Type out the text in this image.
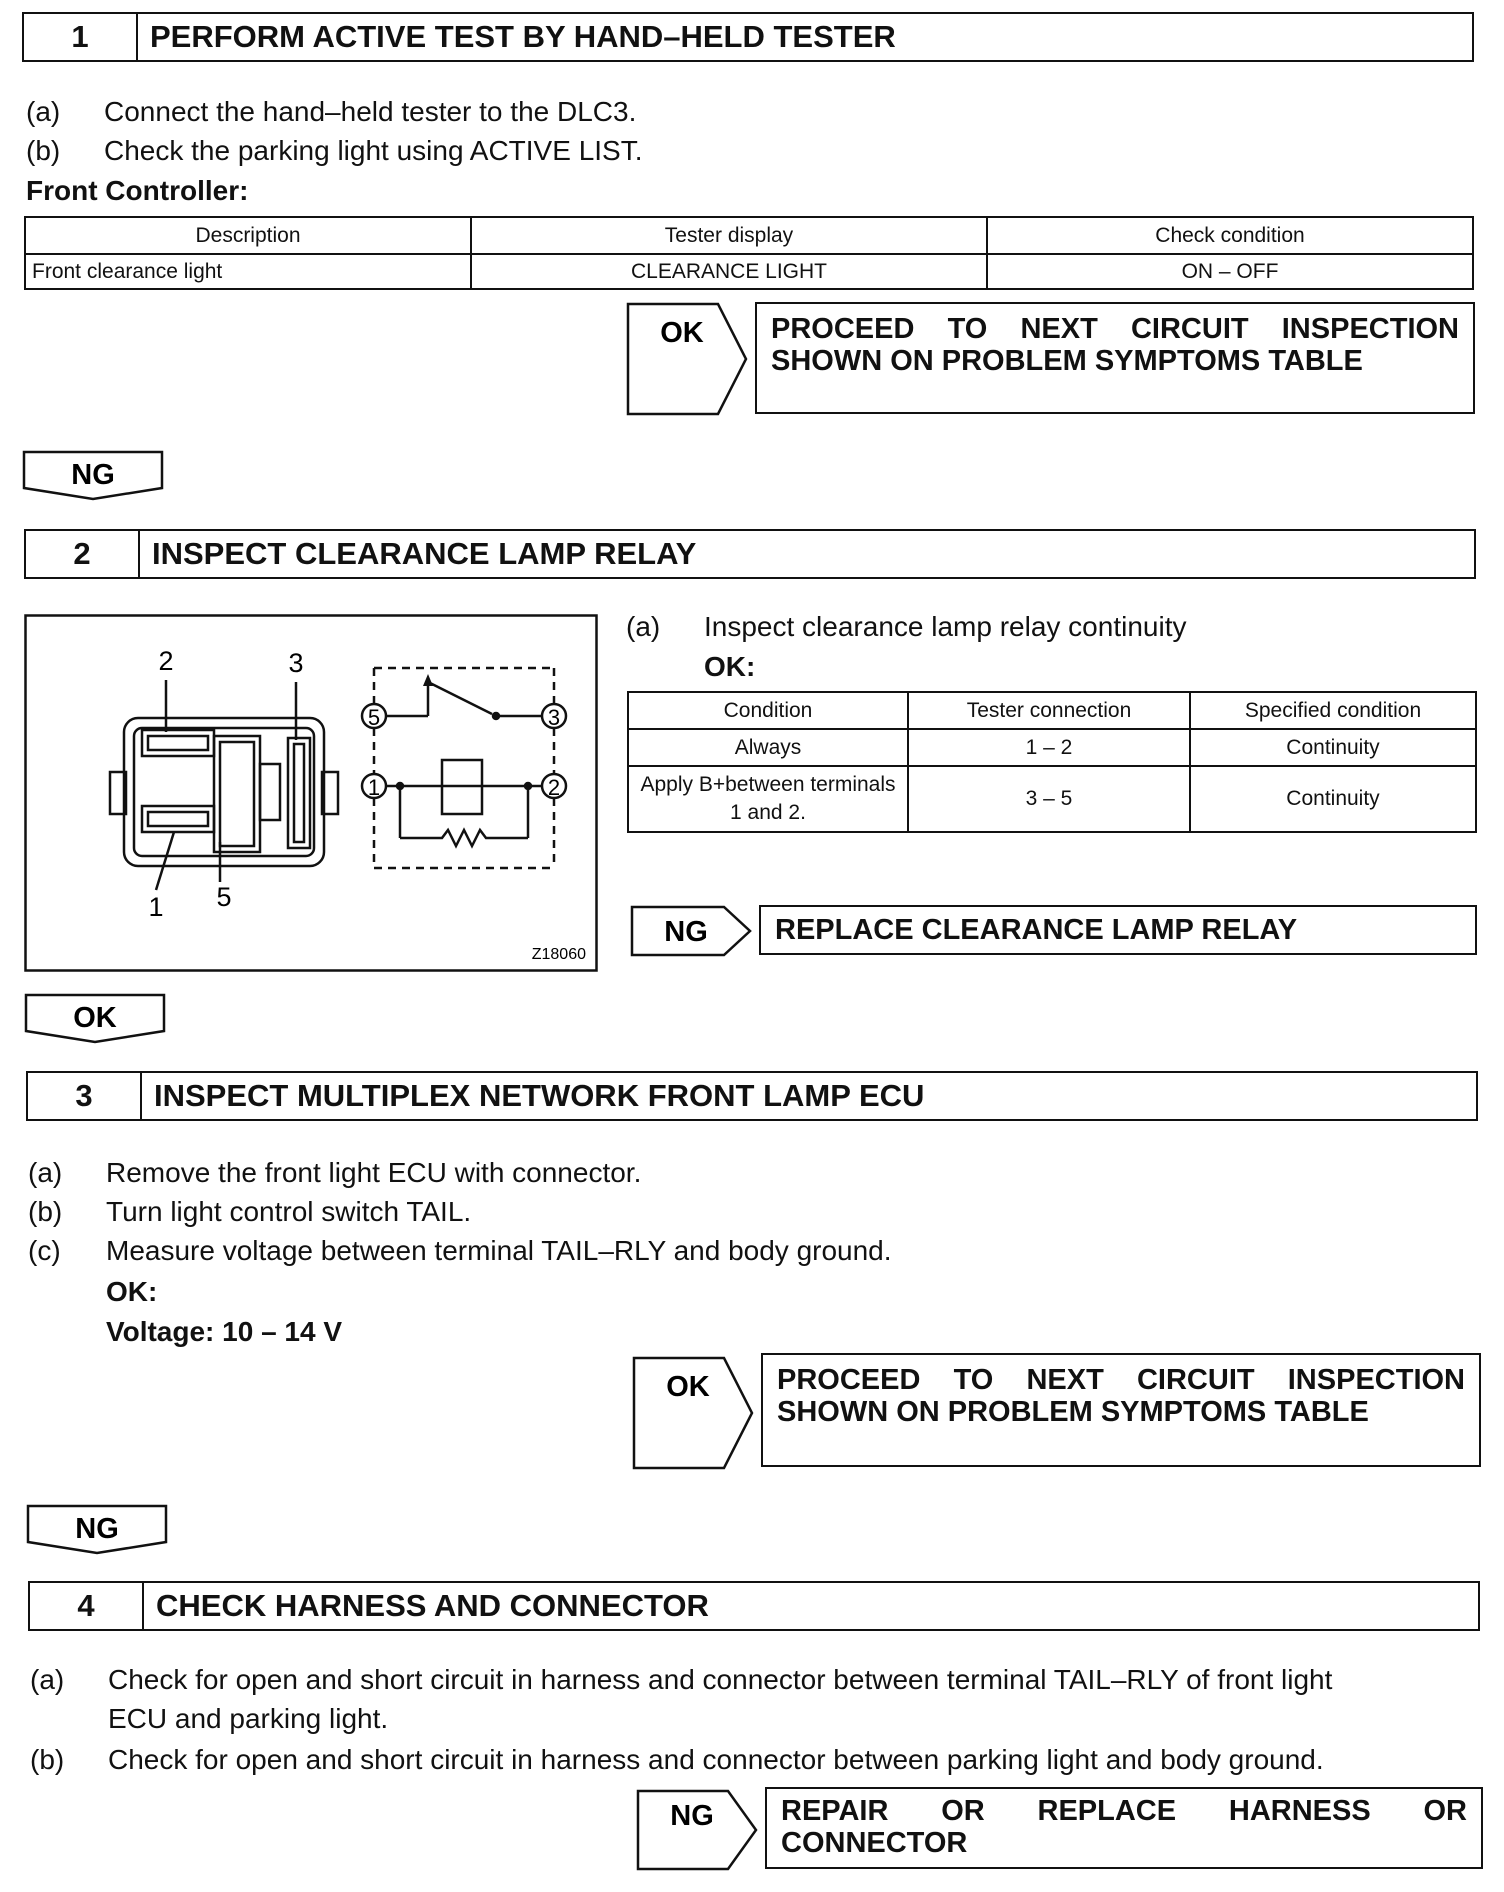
1	PERFORM ACTIVE TEST BY HAND–HELD TESTER
(a) Connect the hand–held tester to the DLC3.
(b) Check the parking light using ACTIVE LIST.
Front Controller:
Description	Tester display	Check condition
Front clearance light	CLEARANCE LIGHT	ON – OFF
OK PROCEED TO NEXT CIRCUIT INSPECTION
SHOWN ON PROBLEM SYMPTOMS TABLE
NG
2	INSPECT CLEARANCE LAMP RELAY
2	3
1 5
5	3
1	2
Z18060
(a) Inspect clearance lamp relay continuity
OK:
Condition	Tester connection	Specified condition
Always	1 – 2	Continuity
Apply B+between terminals 1 and 2.	3 – 5	Continuity
NG	REPLACE CLEARANCE LAMP RELAY
OK
3	INSPECT MULTIPLEX NETWORK FRONT LAMP ECU
(a) Remove the front light ECU with connector.
(b) Turn light control switch TAIL.
(c) Measure voltage between terminal TAIL–RLY and body ground.
OK:
Voltage: 10 – 14 V
OK PROCEED TO NEXT CIRCUIT INSPECTION
SHOWN ON PROBLEM SYMPTOMS TABLE
NG
4	CHECK HARNESS AND CONNECTOR
(a) Check for open and short circuit in harness and connector between terminal TAIL–RLY of front light
ECU and parking light.
(b) Check for open and short circuit in harness and connector between parking light and body ground.
NG REPAIR OR REPLACE HARNESS OR
CONNECTOR
